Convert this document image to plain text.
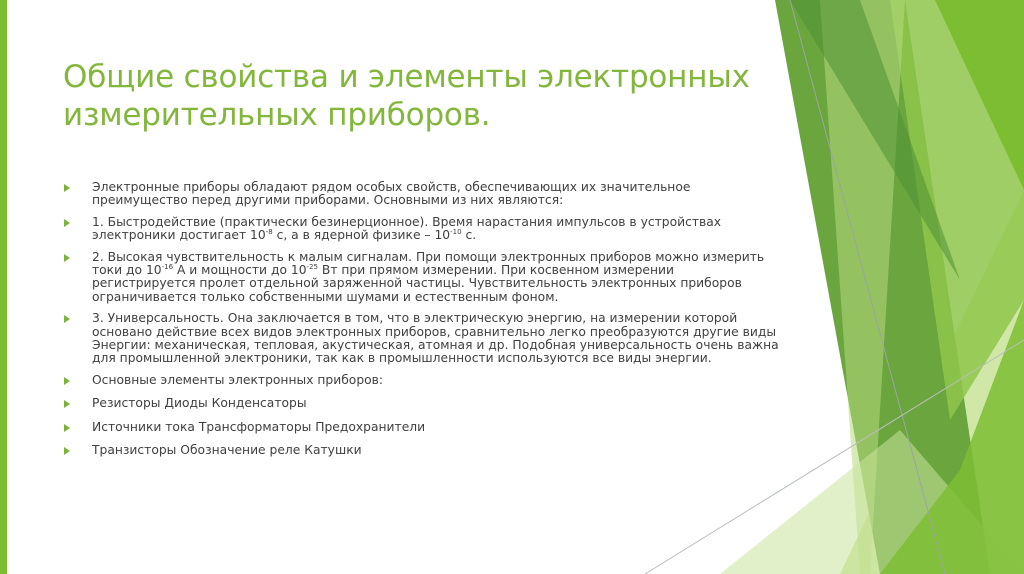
Общие свойства и элементы электронных
измерительных приборов.
Электронные приборы обладают рядом особых свойств, обеспечивающих их значительное
преимущество перед другими приборами. Основными из них являются:
1. Быстродействие (практически безинерционное). Время нарастания импульсов в устройствах
электроники достигает $10^{-8}$ с, а в ядерной физике – $10^{-10}$ с.
2. Высокая чувствительность к малым сигналам. При помощи электронных приборов можно измерить
токи до $10^{-16}$ А и мощности до $10^{-25}$ Вт при прямом измерении. При косвенном измерении
регистрируется пролет отдельной заряженной частицы. Чувствительность электронных приборов
ограничивается только собственными шумами и естественным фоном.
3. Универсальность. Она заключается в том, что в электрическую энергию, на измерении которой
основано действие всех видов электронных приборов, сравнительно легко преобразуются другие виды
Энергии: механическая, тепловая, акустическая, атомная и др. Подобная универсальность очень важна
для промышленной электроники, так как в промышленности используются все виды энергии.
Основные элементы электронных приборов:
Резисторы Диоды Конденсаторы
Источники тока Трансформаторы Предохранители
Транзисторы Обозначение реле Катушки
